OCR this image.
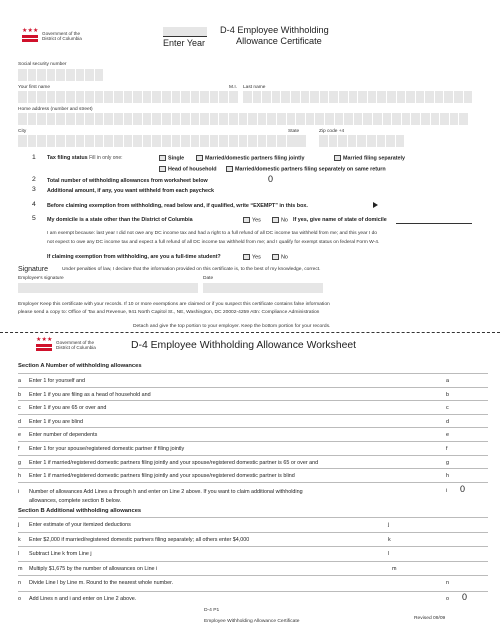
★ ★ ★ Government of the
District of Columbia	Enter Year
D-4 Employee Withholding
Allowance Certificate
Social security number
Your first name	M.I. Last name
Home address (number and street)
City	State	Zip code +4
1 Tax filing status Fill in only one:	Single	Married/domestic partners filing jointly	Married filing separately
Head of household	Married/domestic partners filing separately on same return
2 Total number of withholding allowances from worksheet below	0
3 Additional amount, if any, you want withheld from each paycheck
4 Before claiming exemption from withholding, read below and, if qualified, write “EXEMPT” in this box.
5 My domicile is a state other than the District of Columbia	Yes	No If yes, give name of state of domicile
I am exempt because: last year I did not owe any DC income tax and had a right to a full refund of all DC income tax withheld from me; and this year I do
not expect to owe any DC income tax and expect a full refund of all DC income tax withheld from me; and I qualify for exempt status on federal Form W-4.
If claiming exemption from withholding, are you a full-time student?	Yes	No
Signature	Under penalties of law, I declare that the information provided on this certificate is, to the best of my knowledge, correct.
Employee's signature	Date
Employer Keep this certificate with your records. If 10 or more exemptions are claimed or if you suspect this certificate contains false information
please send a copy to: Office of Tax and Revenue, 941 North Capitol St., NE, Washington, DC 20002-4259 Attn: Compliance Administration
Detach and give the top portion to your employer. Keep the bottom portion for your records.
★ ★ ★ Government of the
District of Columbia	D-4 Employee Withholding Allowance Worksheet
Section A Number of withholding allowances
a Enter 1 for yourself and	a
b Enter 1 if you are filing as a head of household and	b
c Enter 1 if you are 65 or over and	c
d Enter 1 if you are blind	d
e Enter number of dependents	e
f Enter 1 for your spouse/registered domestic partner if filing jointly	f
g Enter 1 if married/registered domestic partners filing jointly and your spouse/registered domestic partner is 65 or over and	g
h Enter 1 if married/registered domestic partners filing jointly and your spouse/registered domestic partner is blind	h
i Number of allowances Add Lines a through h and enter on Line 2 above. If you want to claim additional withholding
allowances, complete section B below.
i 0
Section B Additional withholding allowances
j Enter estimate of your itemized deductions	j
k Enter $2,000 if married/registered domestic partners filing separately; all others enter $4,000	k
l Subtract Line k from Line j	l
m Multiply $1,675 by the number of allowances on Line i	m
n Divide Line l by Line m. Round to the nearest whole number.	n
o Add Lines n and i and enter on Line 2 above.	o 0
D-4 P1
Employee Withholding Allowance Certificate
Revised 09/09
